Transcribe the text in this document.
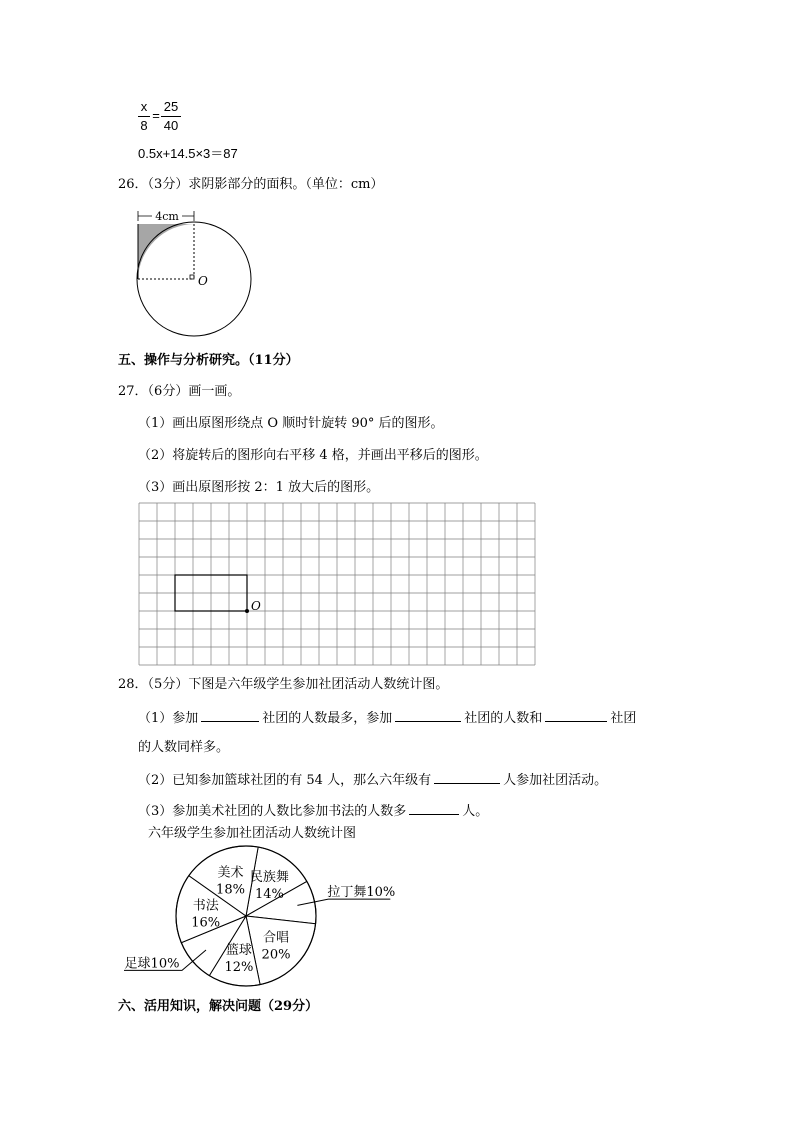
x
8
=
25
40
0.5x+14.5×3＝87
26．（3分）求阴影部分的面积。（单位：cm）
4cm
O
五、操作与分析研究。（11分）
27．（6分）画一画。
（1）画出原图形绕点 O 顺时针旋转 90° 后的图形。
（2）将旋转后的图形向右平移 4 格，并画出平移后的图形。
（3）画出原图形按 2：1 放大后的图形。
O
28．（5分）下图是六年级学生参加社团活动人数统计图。
（1）参加	社团的人数最多，参加	社团的人数和	社团
的人数同样多。
（2）已知参加篮球社团的有 54 人，那么六年级有	人参加社团活动。
（3）参加美术社团的人数比参加书法的人数多	人。
六年级学生参加社团活动人数统计图
民族舞
14%	拉丁舞10%
合唱
20%
篮球
12%
足球10%
书法
16%
美术
18%
六、活用知识，解决问题（29分）
